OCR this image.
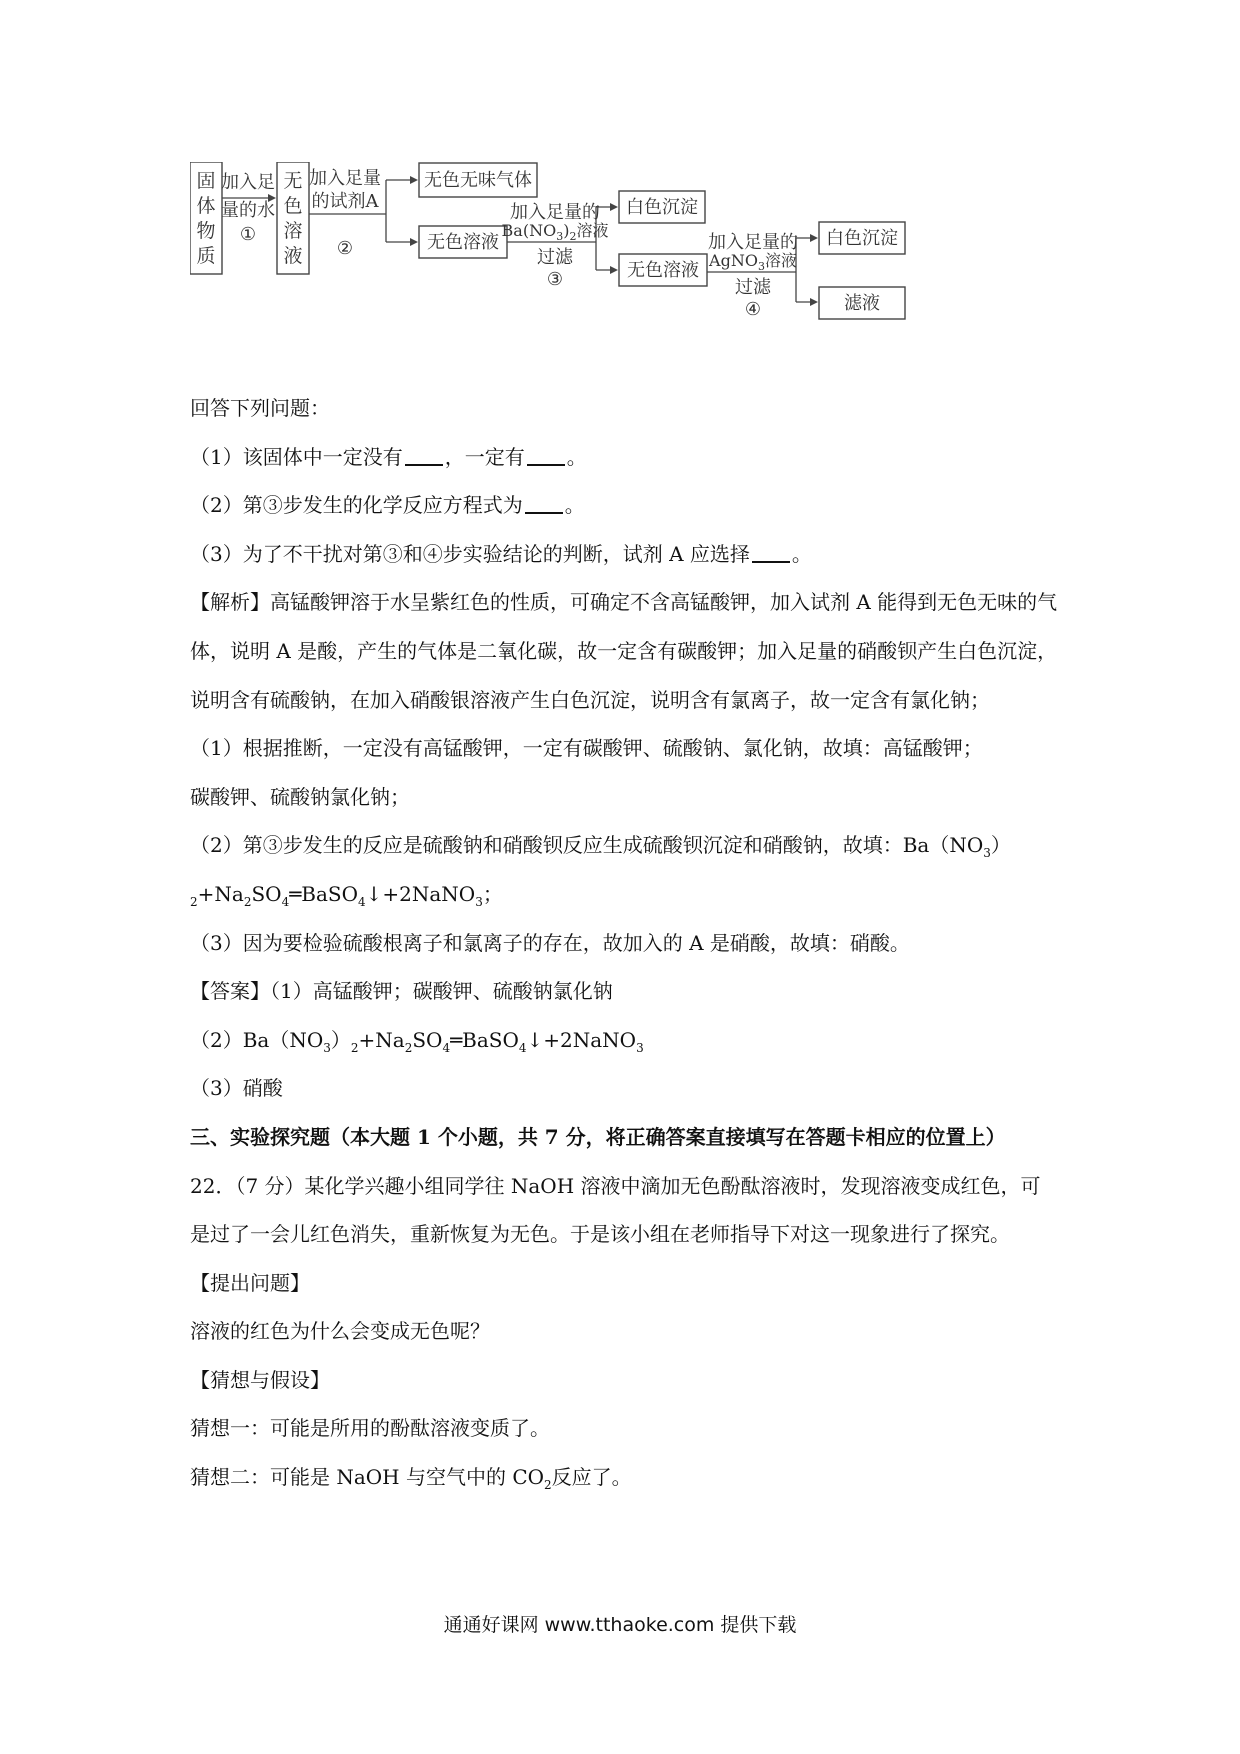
固
体
物
质
加入足
量的水
①
无
色
溶
液
加入足量
的试剂A
②
无色无味气体
无色溶液
加入足量的
$Ba(NO_3)_2$溶液
过滤
③
白色沉淀
无色溶液
加入足量的
AgNO$_3$溶液
过滤
④
白色沉淀
滤液

回答下列问题：

（1）该固体中一定没有 ，一定有 。

（2）第③步发生的化学反应方程式为 。

（3）为了不干扰对第③和④步实验结论的判断，试剂 A 应选择 。

【解析】高锰酸钾溶于水呈紫红色的性质，可确定不含高锰酸钾，加入试剂 A 能得到无色无味的气体，说明 A 是酸，产生的气体是二氧化碳，故一定含有碳酸钾；加入足量的硝酸钡产生白色沉淀，说明含有硫酸钠，在加入硝酸银溶液产生白色沉淀，说明含有氯离子，故一定含有氯化钠；

（1）根据推断，一定没有高锰酸钾，一定有碳酸钾、硫酸钠、氯化钠，故填：高锰酸钾；

碳酸钾、硫酸钠氯化钠；

（2）第③步发生的反应是硫酸钠和硝酸钡反应生成硫酸钡沉淀和硝酸钠，故填：$Ba(NO_3)$

$_2+Na_2SO_4═BaSO_4↓+2NaNO_3$；

（3）因为要检验硫酸根离子和氯离子的存在，故加入的 A 是硝酸，故填：硝酸。

【答案】（1）高锰酸钾；碳酸钾、硫酸钠氯化钠

$(2)Ba(NO_3)_2+Na_2SO_4═BaSO_4↓+2NaNO_3$

（3）硝酸

三、实验探究题（本大题 1 个小题，共 7 分，将正确答案直接填写在答题卡相应的位置上）

22．（7 分）某化学兴趣小组同学往 NaOH 溶液中滴加无色酚酞溶液时，发现溶液变成红色，可是过了一会儿红色消失，重新恢复为无色。于是该小组在老师指导下对这一现象进行了探究。

【提出问题】

溶液的红色为什么会变成无色呢？

【猜想与假设】

猜想一：可能是所用的酚酞溶液变质了。

猜想二：可能是 NaOH 与空气中的 $CO_2$反应了。

通通好课网 www.tthaoke.com 提供下载
